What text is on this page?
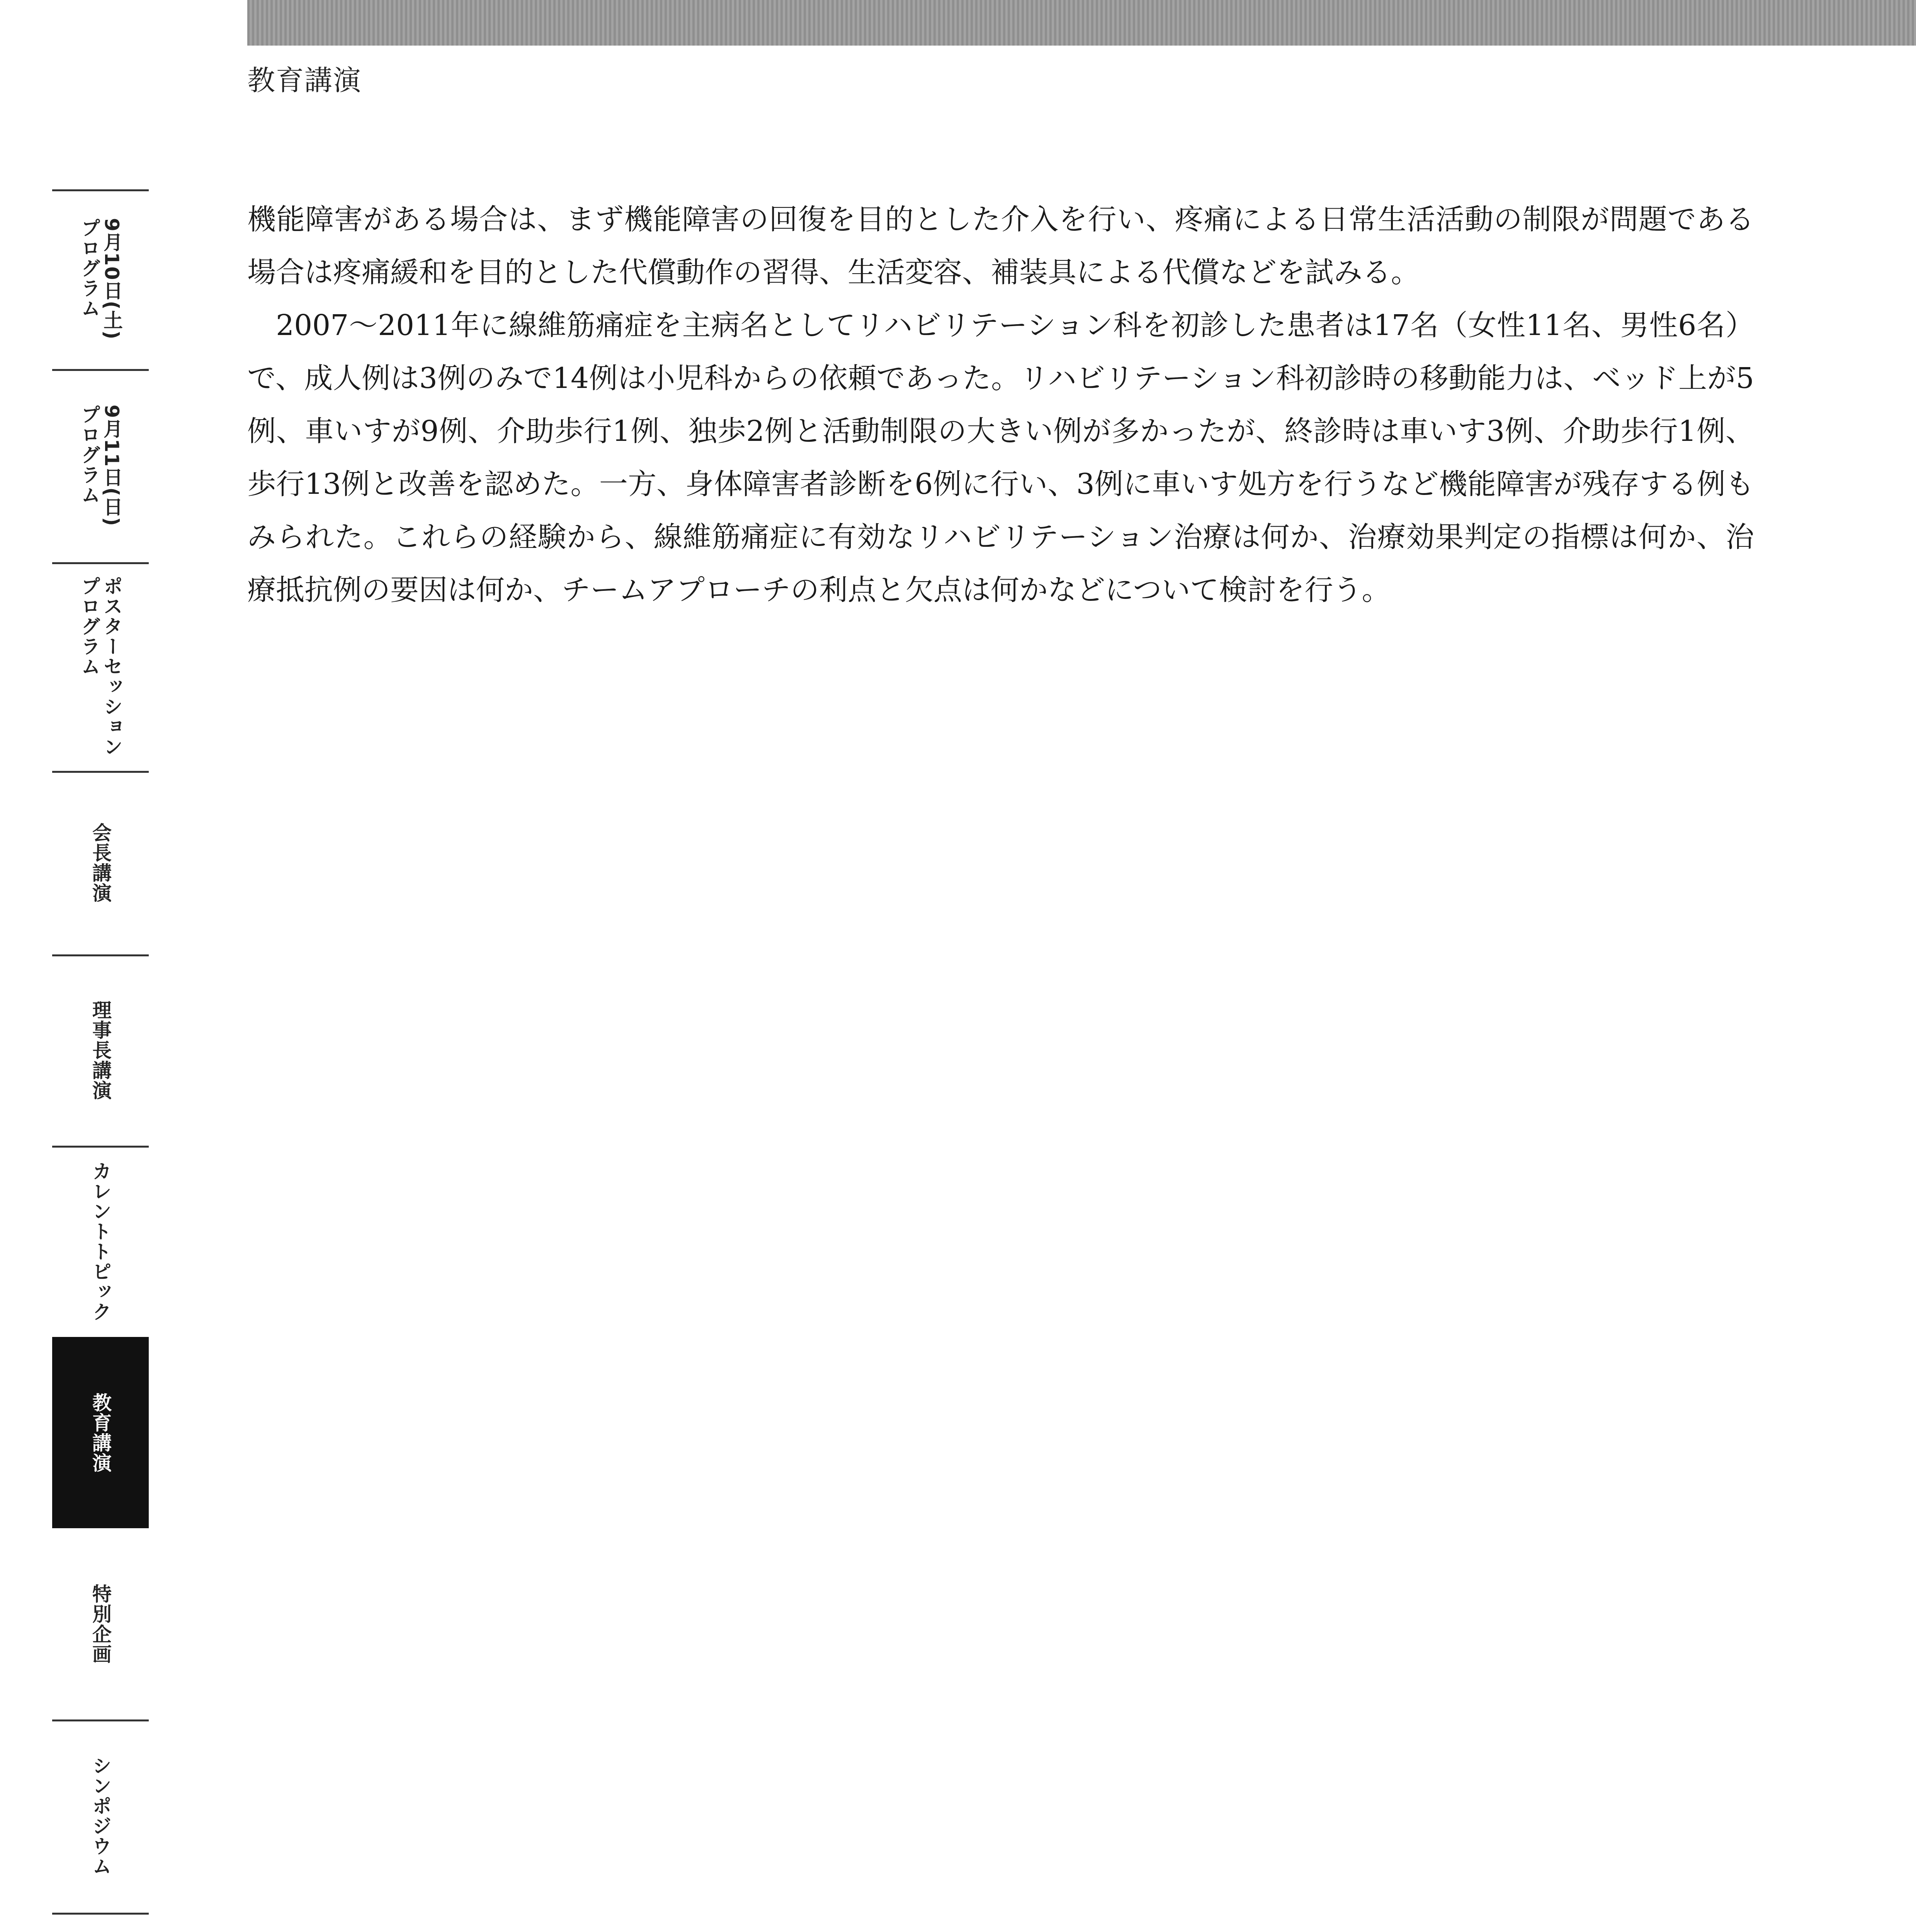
教育講演
9月10日(土)
プログラム
9月11日(日)
プログラム
ポスターセッション
プログラム
会長講演
理事長講演
カレントトピック
教育講演
特別企画
シンポジウム

機能障害がある場合は、まず機能障害の回復を目的とした介入を行い、疼痛による日常生活活動の制限が問題である場合は疼痛緩和を目的とした代償動作の習得、生活変容、補装具による代償などを試みる。

2007～2011年に線維筋痛症を主病名としてリハビリテーション科を初診した患者は17名（女性11名、男性6名）で、成人例は3例のみで14例は小児科からの依頼であった。リハビリテーション科初診時の移動能力は、ベッド上が5例、車いすが9例、介助歩行1例、独歩2例と活動制限の大きい例が多かったが、終診時は車いす3例、介助歩行1例、歩行13例と改善を認めた。一方、身体障害者診断を6例に行い、3例に車いす処方を行うなど機能障害が残存する例もみられた。これらの経験から、線維筋痛症に有効なリハビリテーション治療は何か、治療効果判定の指標は何か、治療抵抗例の要因は何か、チームアプローチの利点と欠点は何かなどについて検討を行う。
